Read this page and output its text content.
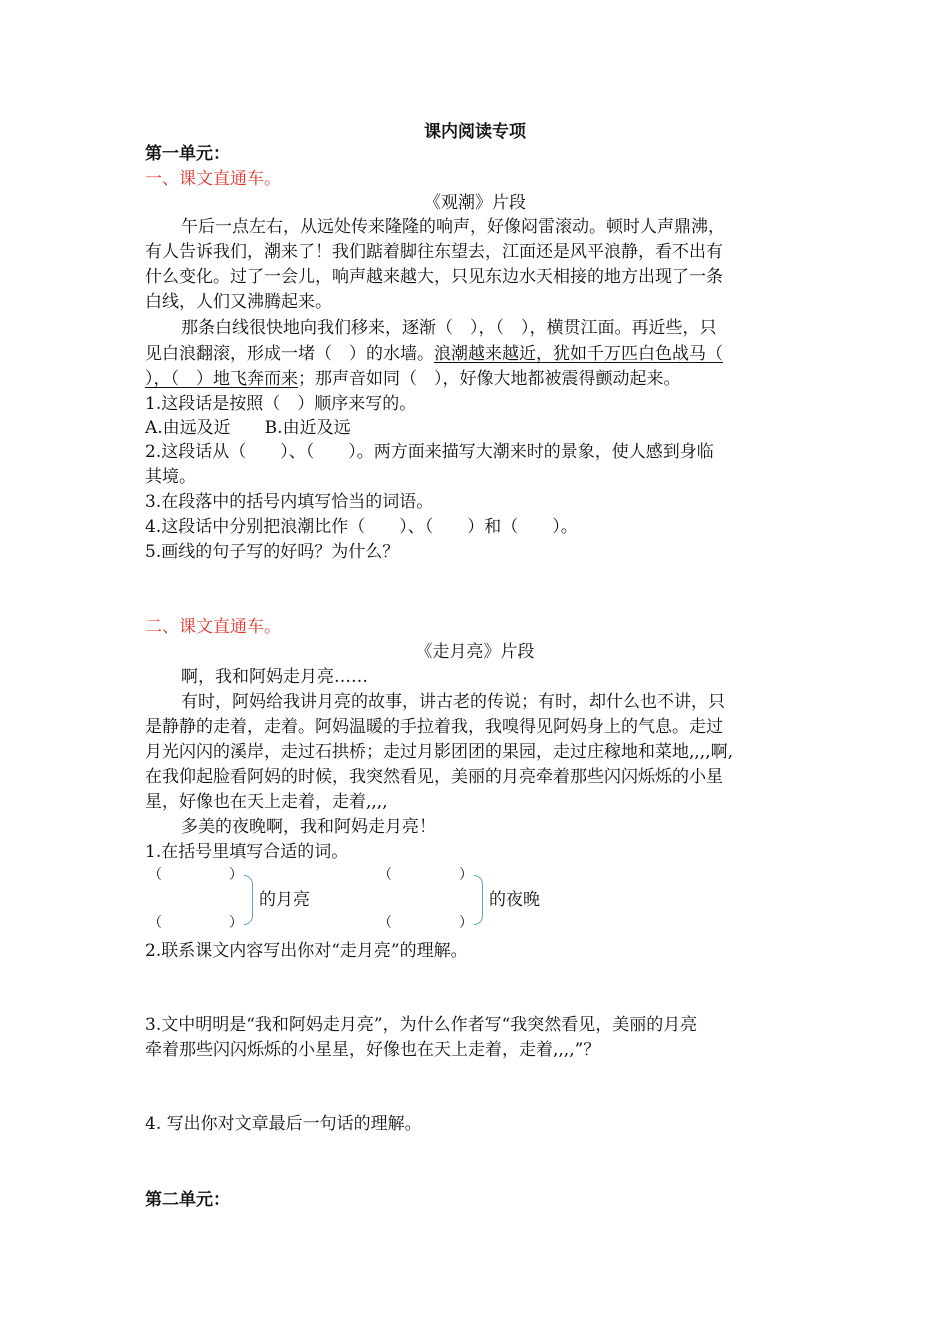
课内阅读专项
第一单元：
一、课文直通车。
《观潮》片段
午后一点左右，从远处传来隆隆的响声，好像闷雷滚动。顿时人声鼎沸，
有人告诉我们，潮来了！我们踮着脚往东望去，江面还是风平浪静，看不出有
什么变化。过了一会儿，响声越来越大，只见东边水天相接的地方出现了一条
白线，人们又沸腾起来。
那条白线很快地向我们移来，逐渐（　），（　），横贯江面。再近些，只
见白浪翻滚，形成一堵（　）的水墙。浪潮越来越近，犹如千万匹白色战马（
），（　）地飞奔而来；那声音如同（　），好像大地都被震得颤动起来。
1.这段话是按照（　）顺序来写的。
A.由远及近　　B.由近及远
2.这段话从（　　）、（　　）。两方面来描写大潮来时的景象，使人感到身临
其境。
3.在段落中的括号内填写恰当的词语。
4.这段话中分别把浪潮比作（　　）、（　　）和（　　）。
5.画线的句子写的好吗？为什么？
二、课文直通车。
《走月亮》片段
啊，我和阿妈走月亮……
有时，阿妈给我讲月亮的故事，讲古老的传说；有时，却什么也不讲，只
是静静的走着，走着。阿妈温暖的手拉着我，我嗅得见阿妈身上的气息。走过
月光闪闪的溪岸，走过石拱桥；走过月影团团的果园，走过庄稼地和菜地,,,,啊,
在我仰起脸看阿妈的时候，我突然看见，美丽的月亮牵着那些闪闪烁烁的小星
星，好像也在天上走着，走着,,,,
多美的夜晚啊，我和阿妈走月亮！
1.在括号里填写合适的词。
（	）
（	）
的月亮
（	）
（	）
的夜晚
2.联系课文内容写出你对“走月亮”的理解。
3.文中明明是“我和阿妈走月亮”，为什么作者写“我突然看见，美丽的月亮
牵着那些闪闪烁烁的小星星，好像也在天上走着，走着,,,,”？
4. 写出你对文章最后一句话的理解。
第二单元：
